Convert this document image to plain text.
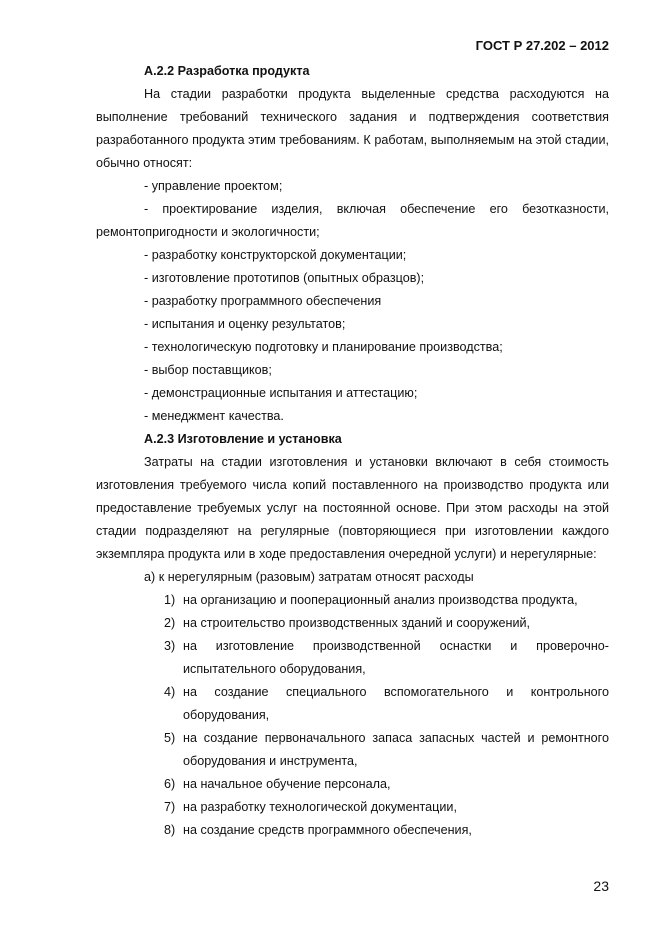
ГОСТ Р 27.202 – 2012

А.2.2 Разработка продукта

На стадии разработки продукта выделенные средства расходуются на выполнение требований технического задания и подтверждения соответствия разработанного продукта этим требованиям. К работам, выполняемым на этой стадии, обычно относят:

- управление проектом;

- проектирование изделия, включая обеспечение его безотказности, ремонтопригодности и экологичности;

- разработку конструкторской документации;

- изготовление прототипов (опытных образцов);

- разработку программного обеспечения

- испытания и оценку результатов;

- технологическую подготовку и планирование производства;

- выбор поставщиков;

- демонстрационные испытания и аттестацию;

- менеджмент качества.

А.2.3 Изготовление и установка

Затраты на стадии изготовления и установки включают в себя стоимость изготовления требуемого числа копий поставленного на производство продукта или предоставление требуемых услуг на постоянной основе. При этом расходы на этой стадии подразделяют на регулярные (повторяющиеся при изготовлении каждого экземпляра продукта или в ходе предоставления очередной услуги) и нерегулярные:

а) к нерегулярным (разовым) затратам относят расходы

1) на организацию и пооперационный анализ производства продукта,

2) на строительство производственных зданий и сооружений,

3) на изготовление производственной оснастки и проверочно-испытательного оборудования,

4) на создание специального вспомогательного и контрольного оборудования,

5) на создание первоначального запаса запасных частей и ремонтного оборудования и инструмента,

6) на начальное обучение персонала,

7) на разработку технологической документации,

8) на создание средств программного обеспечения,

23
